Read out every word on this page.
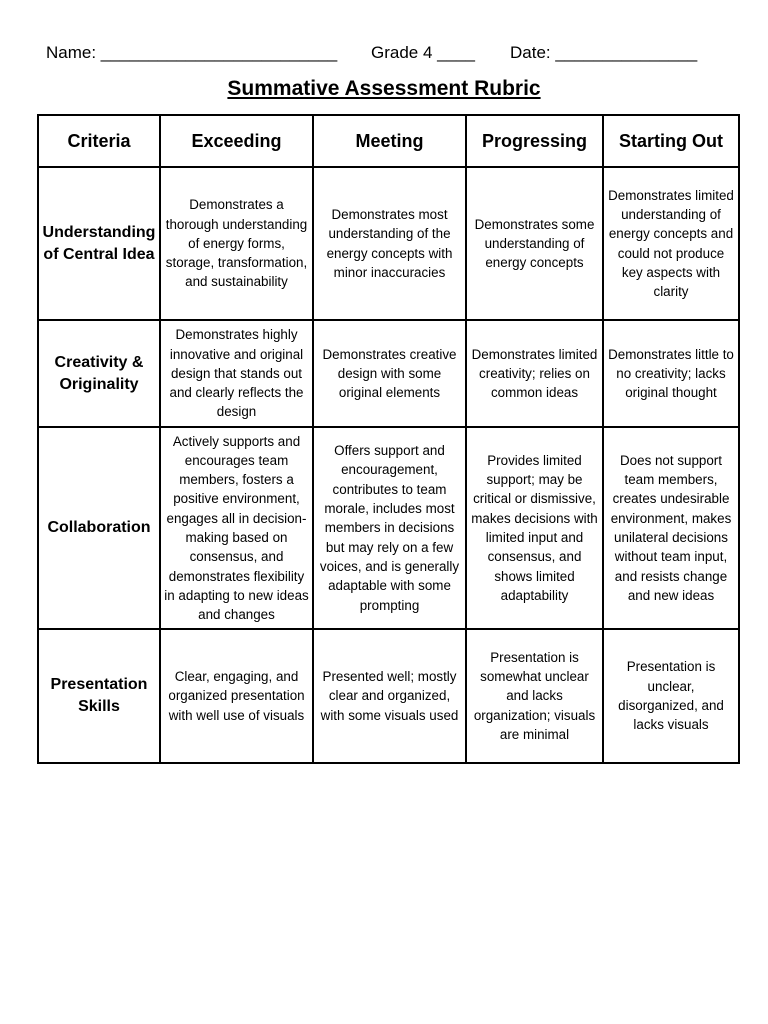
Name: _________________________ Grade 4 ____ Date: _______________
Summative Assessment Rubric
Criteria	Exceeding	Meeting	Progressing	Starting Out
Understanding of Central Idea	Demonstrates a thorough understanding of energy forms, storage, transformation, and sustainability	Demonstrates most understanding of the energy concepts with minor inaccuracies	Demonstrates some understanding of energy concepts	Demonstrates limited understanding of energy concepts and could not produce key aspects with clarity
Creativity & Originality	Demonstrates highly innovative and original design that stands out and clearly reflects the design	Demonstrates creative design with some original elements	Demonstrates limited creativity; relies on common ideas	Demonstrates little to no creativity; lacks original thought
Collaboration	Actively supports and encourages team members, fosters a positive environment, engages all in decision-making based on consensus, and demonstrates flexibility in adapting to new ideas and changes	Offers support and encouragement, contributes to team morale, includes most members in decisions but may rely on a few voices, and is generally adaptable with some prompting	Provides limited support; may be critical or dismissive, makes decisions with limited input and consensus, and shows limited adaptability	Does not support team members, creates undesirable environment, makes unilateral decisions without team input, and resists change and new ideas
Presentation Skills	Clear, engaging, and organized presentation with well use of visuals	Presented well; mostly clear and organized, with some visuals used	Presentation is somewhat unclear and lacks organization; visuals are minimal	Presentation is unclear, disorganized, and lacks visuals
